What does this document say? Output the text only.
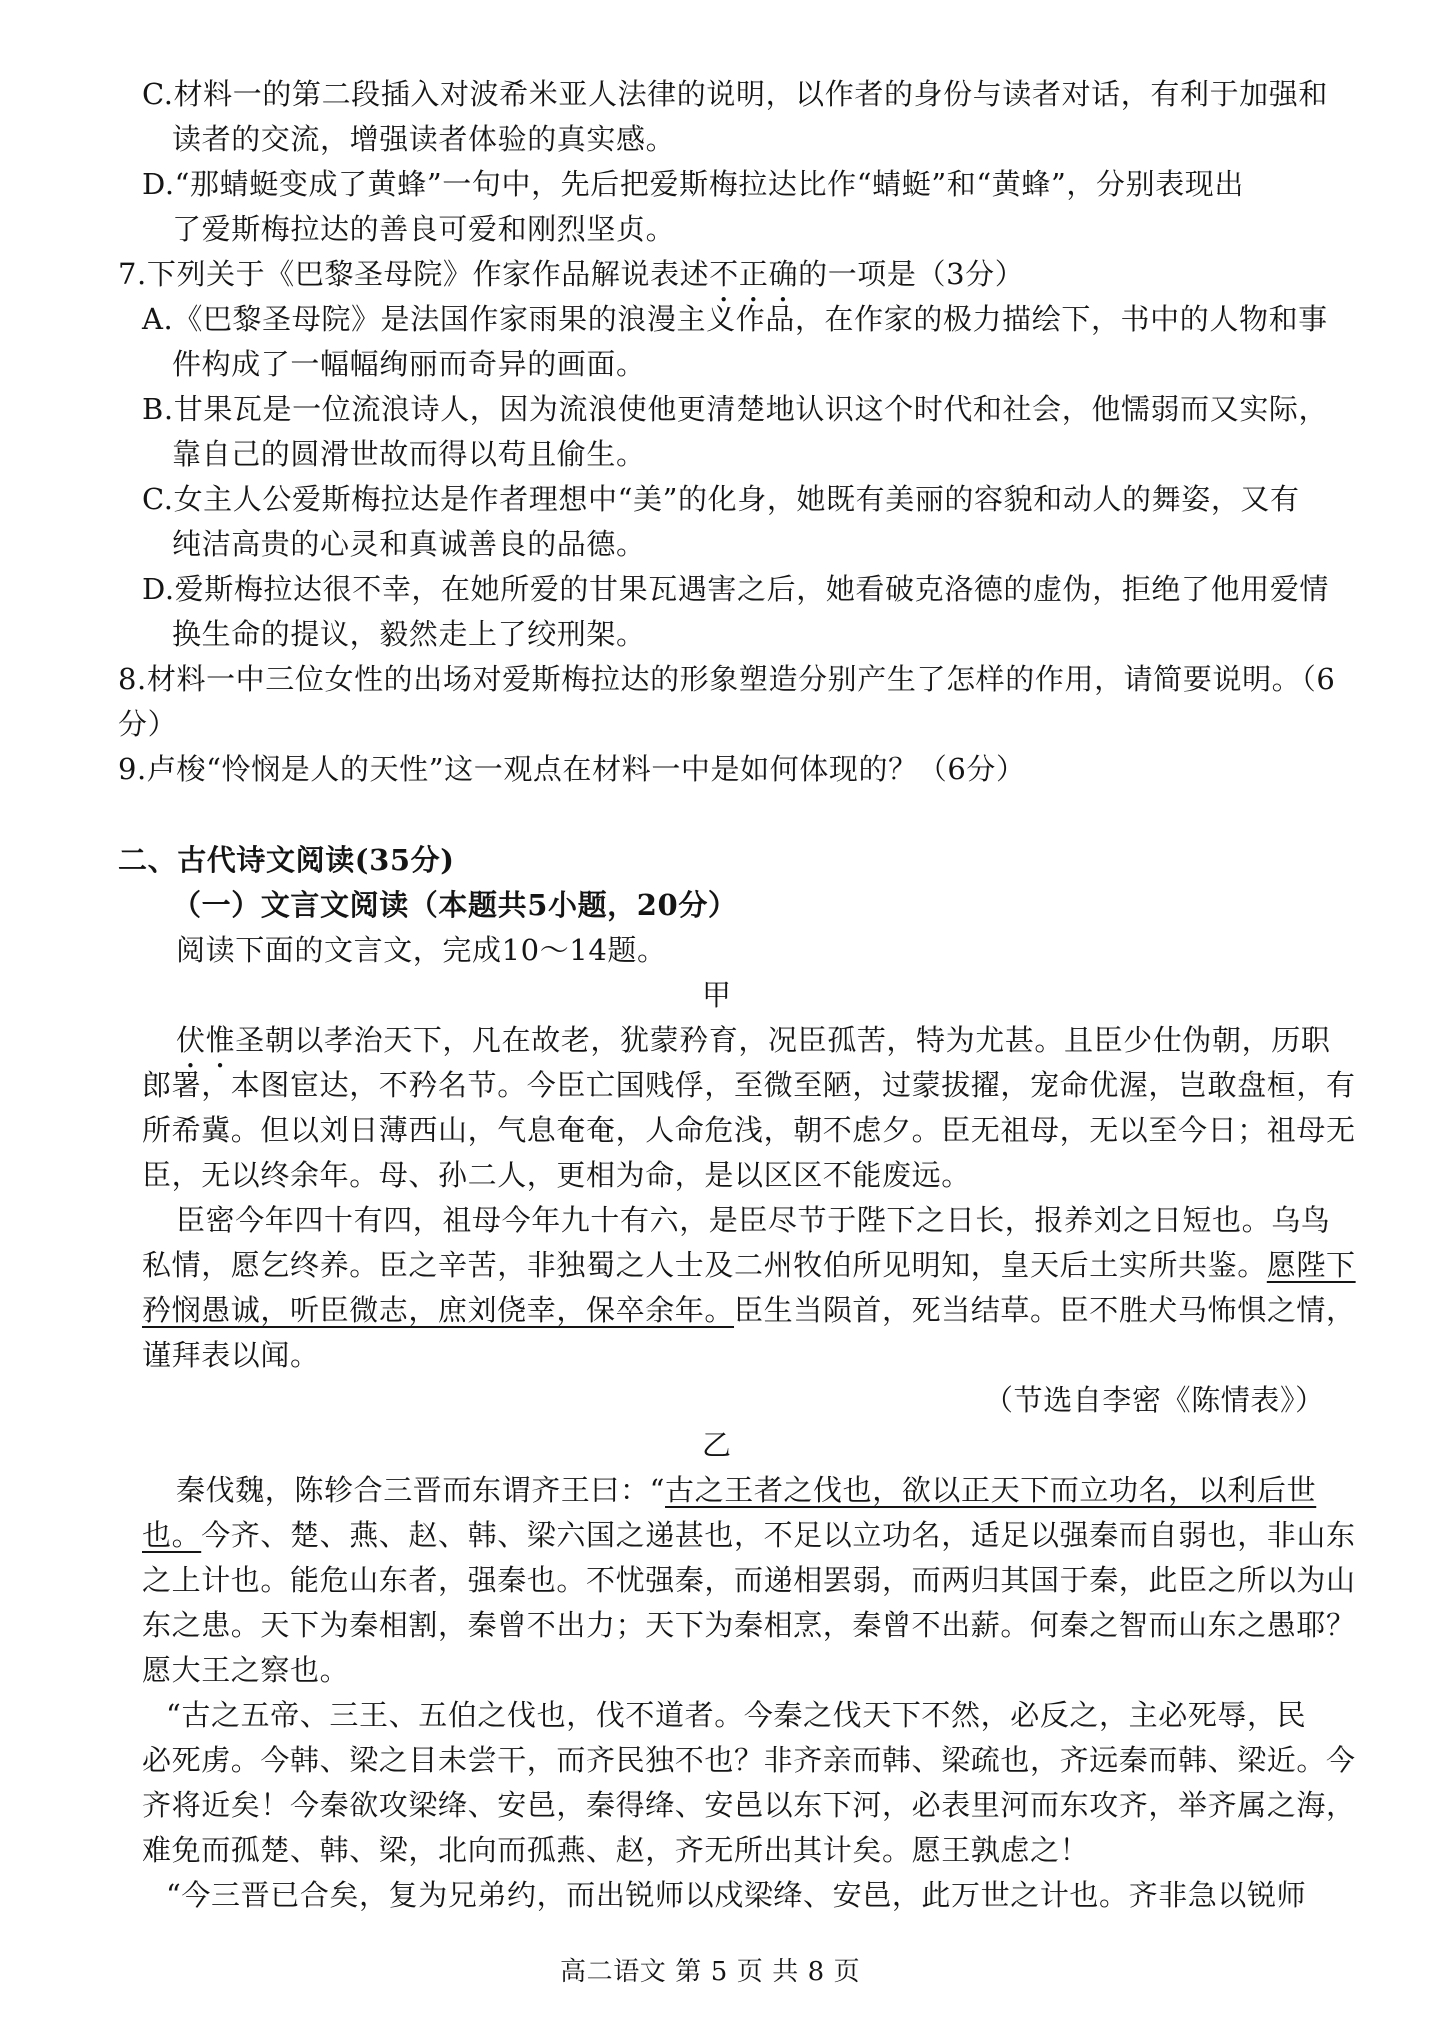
C.材料一的第二段插入对波希米亚人法律的说明，以作者的身份与读者对话，有利于加强和
读者的交流，增强读者体验的真实感。
D.“那蜻蜓变成了黄蜂”一句中，先后把爱斯梅拉达比作“蜻蜓”和“黄蜂”，分别表现出
了爱斯梅拉达的善良可爱和刚烈坚贞。
7.下列关于《巴黎圣母院》作家作品解说表述不正确的一项是（3分）
A.《巴黎圣母院》是法国作家雨果的浪漫主义作品，在作家的极力描绘下，书中的人物和事
件构成了一幅幅绚丽而奇异的画面。
B.甘果瓦是一位流浪诗人，因为流浪使他更清楚地认识这个时代和社会，他懦弱而又实际，
靠自己的圆滑世故而得以苟且偷生。
C.女主人公爱斯梅拉达是作者理想中“美”的化身，她既有美丽的容貌和动人的舞姿，又有
纯洁高贵的心灵和真诚善良的品德。
D.爱斯梅拉达很不幸，在她所爱的甘果瓦遇害之后，她看破克洛德的虚伪，拒绝了他用爱情
换生命的提议，毅然走上了绞刑架。
8.材料一中三位女性的出场对爱斯梅拉达的形象塑造分别产生了怎样的作用，请简要说明。（6
分）
9.卢梭“怜悯是人的天性”这一观点在材料一中是如何体现的？（6分）
二、古代诗文阅读(35分)
（一）文言文阅读（本题共5小题，20分）
阅读下面的文言文，完成10～14题。
甲
伏惟圣朝以孝治天下，凡在故老，犹蒙矜育，况臣孤苦，特为尤甚。且臣少仕伪朝，历职
郎署，本图宦达，不矜名节。今臣亡国贱俘，至微至陋，过蒙拔擢，宠命优渥，岂敢盘桓，有
所希冀。但以刘日薄西山，气息奄奄，人命危浅，朝不虑夕。臣无祖母，无以至今日；祖母无
臣，无以终余年。母、孙二人，更相为命，是以区区不能废远。
臣密今年四十有四，祖母今年九十有六，是臣尽节于陛下之日长，报养刘之日短也。乌鸟
私情，愿乞终养。臣之辛苦，非独蜀之人士及二州牧伯所见明知，皇天后土实所共鉴。愿陛下
矜悯愚诚，听臣微志，庶刘侥幸，保卒余年。臣生当陨首，死当结草。臣不胜犬马怖惧之情，
谨拜表以闻。
（节选自李密《陈情表》）
乙
秦伐魏，陈轸合三晋而东谓齐王曰：“古之王者之伐也，欲以正天下而立功名，以利后世
也。今齐、楚、燕、赵、韩、梁六国之递甚也，不足以立功名，适足以强秦而自弱也，非山东
之上计也。能危山东者，强秦也。不忧强秦，而递相罢弱，而两归其国于秦，此臣之所以为山
东之患。天下为秦相割，秦曾不出力；天下为秦相烹，秦曾不出薪。何秦之智而山东之愚耶？
愿大王之察也。
“古之五帝、三王、五伯之伐也，伐不道者。今秦之伐天下不然，必反之，主必死辱，民
必死虏。今韩、梁之目未尝干，而齐民独不也？非齐亲而韩、梁疏也，齐远秦而韩、梁近。今
齐将近矣！今秦欲攻梁绛、安邑，秦得绛、安邑以东下河，必表里河而东攻齐，举齐属之海，
难免而孤楚、韩、梁，北向而孤燕、赵，齐无所出其计矣。愿王孰虑之！
“今三晋已合矣，复为兄弟约，而出锐师以戍梁绛、安邑，此万世之计也。齐非急以锐师
高二语文 第 5 页 共 8 页
